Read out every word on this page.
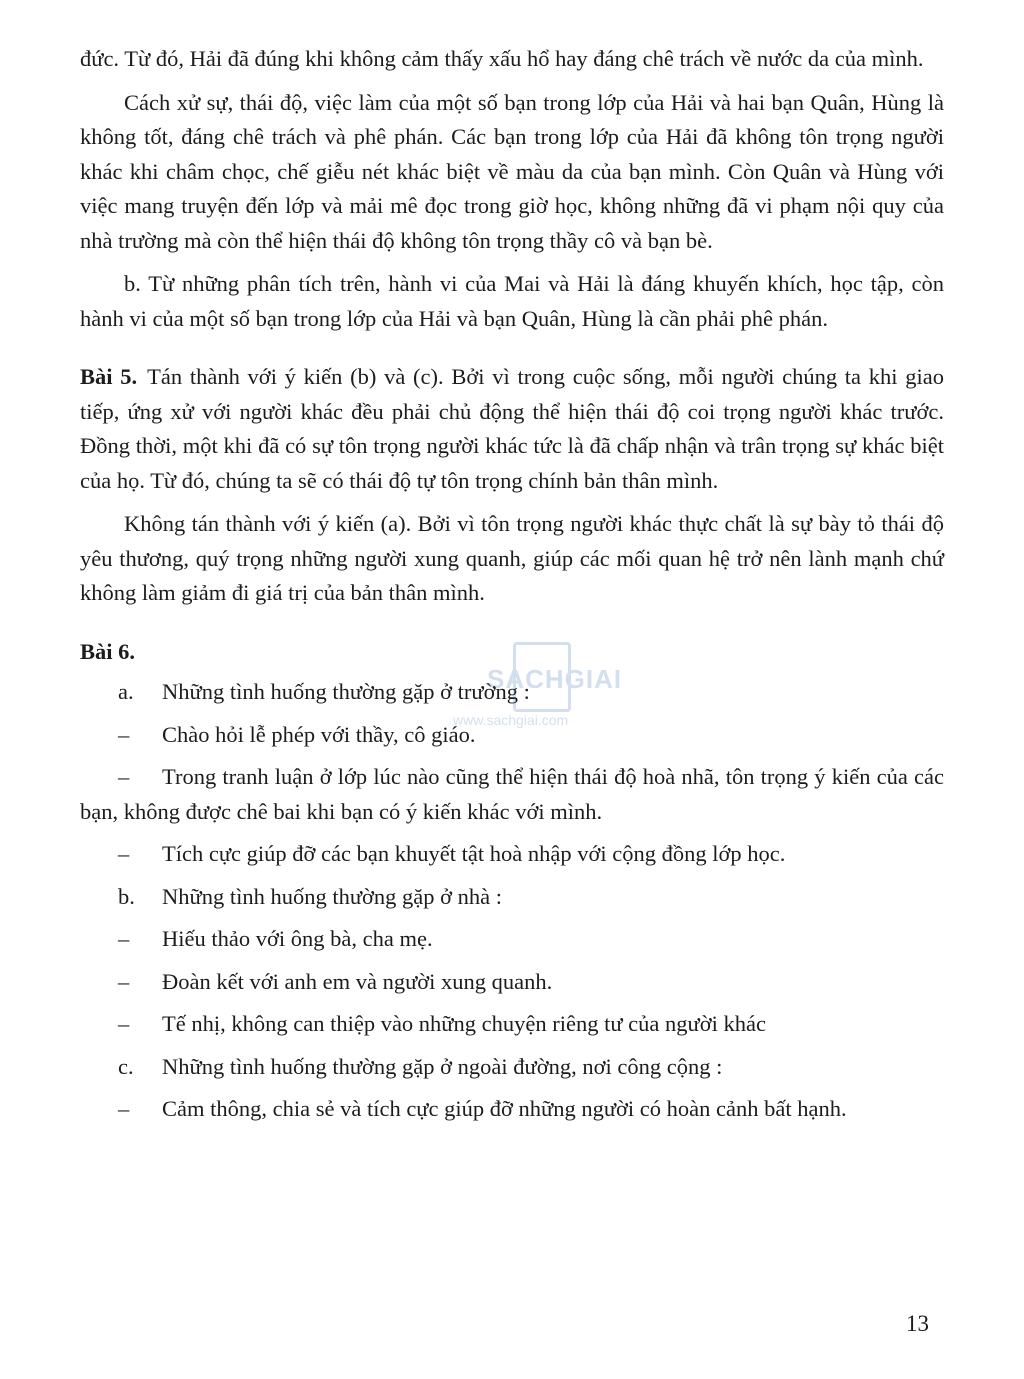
đức. Từ đó, Hải đã đúng khi không cảm thấy xấu hổ hay đáng chê trách về nước da của mình.

Cách xử sự, thái độ, việc làm của một số bạn trong lớp của Hải và hai bạn Quân, Hùng là không tốt, đáng chê trách và phê phán. Các bạn trong lớp của Hải đã không tôn trọng người khác khi châm chọc, chế giễu nét khác biệt về màu da của bạn mình. Còn Quân và Hùng với việc mang truyện đến lớp và mải mê đọc trong giờ học, không những đã vi phạm nội quy của nhà trường mà còn thể hiện thái độ không tôn trọng thầy cô và bạn bè.

b. Từ những phân tích trên, hành vi của Mai và Hải là đáng khuyến khích, học tập, còn hành vi của một số bạn trong lớp của Hải và bạn Quân, Hùng là cần phải phê phán.

Bài 5. Tán thành với ý kiến (b) và (c). Bởi vì trong cuộc sống, mỗi người chúng ta khi giao tiếp, ứng xử với người khác đều phải chủ động thể hiện thái độ coi trọng người khác trước. Đồng thời, một khi đã có sự tôn trọng người khác tức là đã chấp nhận và trân trọng sự khác biệt của họ. Từ đó, chúng ta sẽ có thái độ tự tôn trọng chính bản thân mình.

Không tán thành với ý kiến (a). Bởi vì tôn trọng người khác thực chất là sự bày tỏ thái độ yêu thương, quý trọng những người xung quanh, giúp các mối quan hệ trở nên lành mạnh chứ không làm giảm đi giá trị của bản thân mình.

Bài 6.

a.	Những tình huống thường gặp ở trường :
–	Chào hỏi lễ phép với thầy, cô giáo.

– Trong tranh luận ở lớp lúc nào cũng thể hiện thái độ hoà nhã, tôn trọng ý kiến của các bạn, không được chê bai khi bạn có ý kiến khác với mình.

–	Tích cực giúp đỡ các bạn khuyết tật hoà nhập với cộng đồng lớp học.
b.	Những tình huống thường gặp ở nhà :
–	Hiếu thảo với ông bà, cha mẹ.
–	Đoàn kết với anh em và người xung quanh.
–	Tế nhị, không can thiệp vào những chuyện riêng tư của người khác
c.	Những tình huống thường gặp ở ngoài đường, nơi công cộng :
–	Cảm thông, chia sẻ và tích cực giúp đỡ những người có hoàn cảnh bất hạnh.
SACHGIAI
www.sachgiai.com
13
